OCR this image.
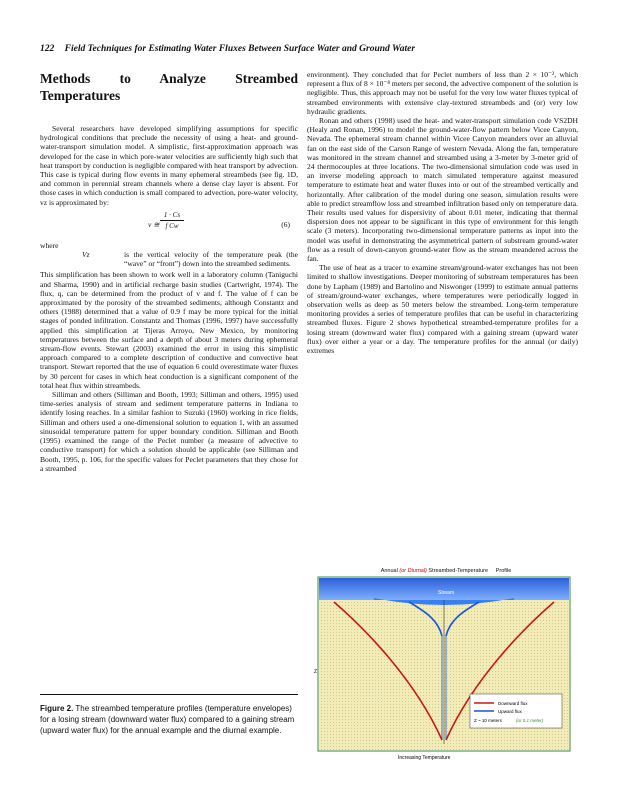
122 Field Techniques for Estimating Water Fluxes Between Surface Water and Ground Water
Methods to Analyze Streambed Temperatures

Several researchers have developed simplifying assumptions for specific hydrological conditions that preclude the necessity of using a heat- and ground-water-transport simulation model. A simplistic, first-approximation approach was developed for the case in which pore-water velocities are sufficiently high such that heat transport by conduction is negligible compared with heat transport by advection. This case is typical during flow events in many ephemeral streambeds (see fig. 1D, and common in perennial stream channels where a dense clay layer is absent. For those cases in which conduction is small compared to advection, pore-water velocity, vz is approximated by:

v ≅
1 · Cs
f Cw	(6)

where

Vz	is the vertical velocity of the temperature peak (the “wave” or “front”) down into the streambed sediments.

This simplification has been shown to work well in a laboratory column (Taniguchi and Sharma, 1990) and in artificial recharge basin studies (Cartwright, 1974). The flux, q, can be determined from the product of v and f. The value of f can be approximated by the porosity of the streambed sediments, although Constantz and others (1988) determined that a value of 0.9 f may be more typical for the initial stages of ponded infiltration. Constantz and Thomas (1996, 1997) have successfully applied this simplification at Tijeras Arroyo, New Mexico, by monitoring temperatures between the surface and a depth of about 3 meters during ephemeral stream-flow events. Stewart (2003) examined the error in using this simplistic approach compared to a complete description of conductive and convective heat transport. Stewart reported that the use of equation 6 could overestimate water fluxes by 30 percent for cases in which heat conduction is a significant component of the total heat flux within streambeds.

Silliman and others (Silliman and Booth, 1993; Silliman and others, 1995) used time-series analysis of stream and sediment temperature patterns in Indiana to identify losing reaches. In a similar fashion to Suzuki (1960) working in rice fields, Silliman and others used a one-dimensional solution to equation 1, with an assumed sinusoidal temperature pattern for upper boundary condition. Silliman and Booth (1995) examined the range of the Peclet number (a measure of advective to conductive transport) for which a solution should be applicable (see Silliman and Booth, 1995, p. 106, for the specific values for Peclet parameters that they chose for a streambed

environment). They concluded that for Peclet numbers of less than 2 × 10⁻², which represent a flux of 8 × 10⁻⁸ meters per second, the advective component of the solution is negligible. Thus, this approach may not be useful for the very low water fluxes typical of streambed environments with extensive clay-textured streambeds and (or) very low hydraulic gradients.

Ronan and others (1998) used the heat- and water-transport simulation code VS2DH (Healy and Ronan, 1996) to model the ground-water-flow pattern below Vicee Canyon, Nevada. The ephemeral stream channel within Vicee Canyon meanders over an alluvial fan on the east side of the Carson Range of western Nevada. Along the fan, temperature was monitored in the stream channel and streambed using a 3-meter by 3-meter grid of 24 thermocouples at three locations. The two-dimensional simulation code was used in an inverse modeling approach to match simulated temperature against measured temperature to estimate heat and water fluxes into or out of the streambed vertically and horizontally. After calibration of the model during one season, simulation results were able to predict streamflow loss and streambed infiltration based only on temperature data. Their results used values for dispersivity of about 0.01 meter, indicating that thermal dispersion does not appear to be significant in this type of environment for this length scale (3 meters). Incorporating two-dimensional temperature patterns as input into the model was useful in demonstrating the asymmetrical pattern of substream ground-water flow as a result of down-canyon ground-water flow as the stream meandered across the fan.

The use of heat as a tracer to examine stream/ground-water exchanges has not been limited to shallow investigations. Deeper monitoring of substream temperatures has been done by Lapham (1989) and Bartolino and Niswonger (1999) to estimate annual patterns of stream/ground-water exchanges, where temperatures were periodically logged in observation wells as deep as 50 meters below the streambed. Long-term temperature monitoring provides a series of temperature profiles that can be useful in characterizing streambed fluxes. Figure 2 shows hypothetical streambed-temperature profiles for a losing stream (downward water flux) compared with a gaining stream (upward water flux) over either a year or a day. The temperature profiles for the annual (or daily) extremes

Figure 2. The streambed temperature profiles (temperature envelopes) for a losing stream (downward water flux) compared to a gaining stream (upward water flux) for the annual example and the diurnal example.
Annual (or Diurnal) Streambed-Temperature Profile
Stream
Z
Increasing Temperature
Downward flux
Upward flux
Z ~ 10 meters	(or 0.1 meter)
